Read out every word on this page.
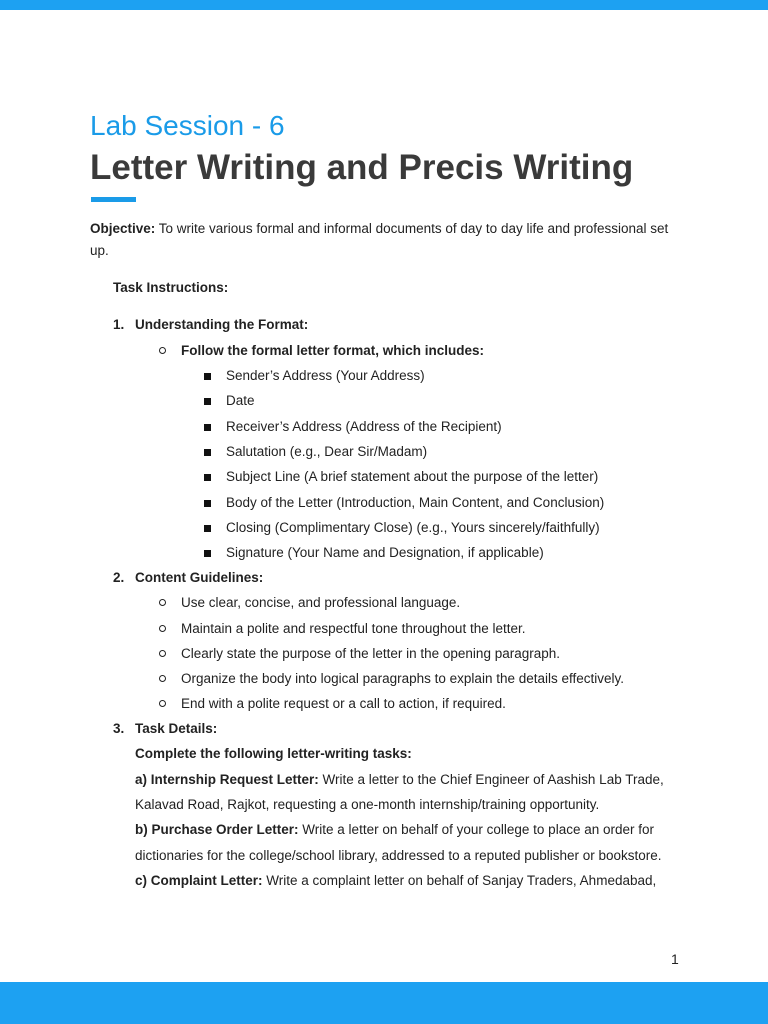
Lab Session - 6
Letter Writing and Precis Writing
Objective: To write various formal and informal documents of day to day life and professional set up.
Task Instructions:
1. Understanding the Format:
Follow the formal letter format, which includes:
Sender’s Address (Your Address)
Date
Receiver’s Address (Address of the Recipient)
Salutation (e.g., Dear Sir/Madam)
Subject Line (A brief statement about the purpose of the letter)
Body of the Letter (Introduction, Main Content, and Conclusion)
Closing (Complimentary Close) (e.g., Yours sincerely/faithfully)
Signature (Your Name and Designation, if applicable)
2. Content Guidelines:
Use clear, concise, and professional language.
Maintain a polite and respectful tone throughout the letter.
Clearly state the purpose of the letter in the opening paragraph.
Organize the body into logical paragraphs to explain the details effectively.
End with a polite request or a call to action, if required.
3. Task Details:
Complete the following letter-writing tasks:
a) Internship Request Letter: Write a letter to the Chief Engineer of Aashish Lab Trade,
Kalavad Road, Rajkot, requesting a one-month internship/training opportunity.
b) Purchase Order Letter: Write a letter on behalf of your college to place an order for
dictionaries for the college/school library, addressed to a reputed publisher or bookstore.
c) Complaint Letter: Write a complaint letter on behalf of Sanjay Traders, Ahmedabad,
1
